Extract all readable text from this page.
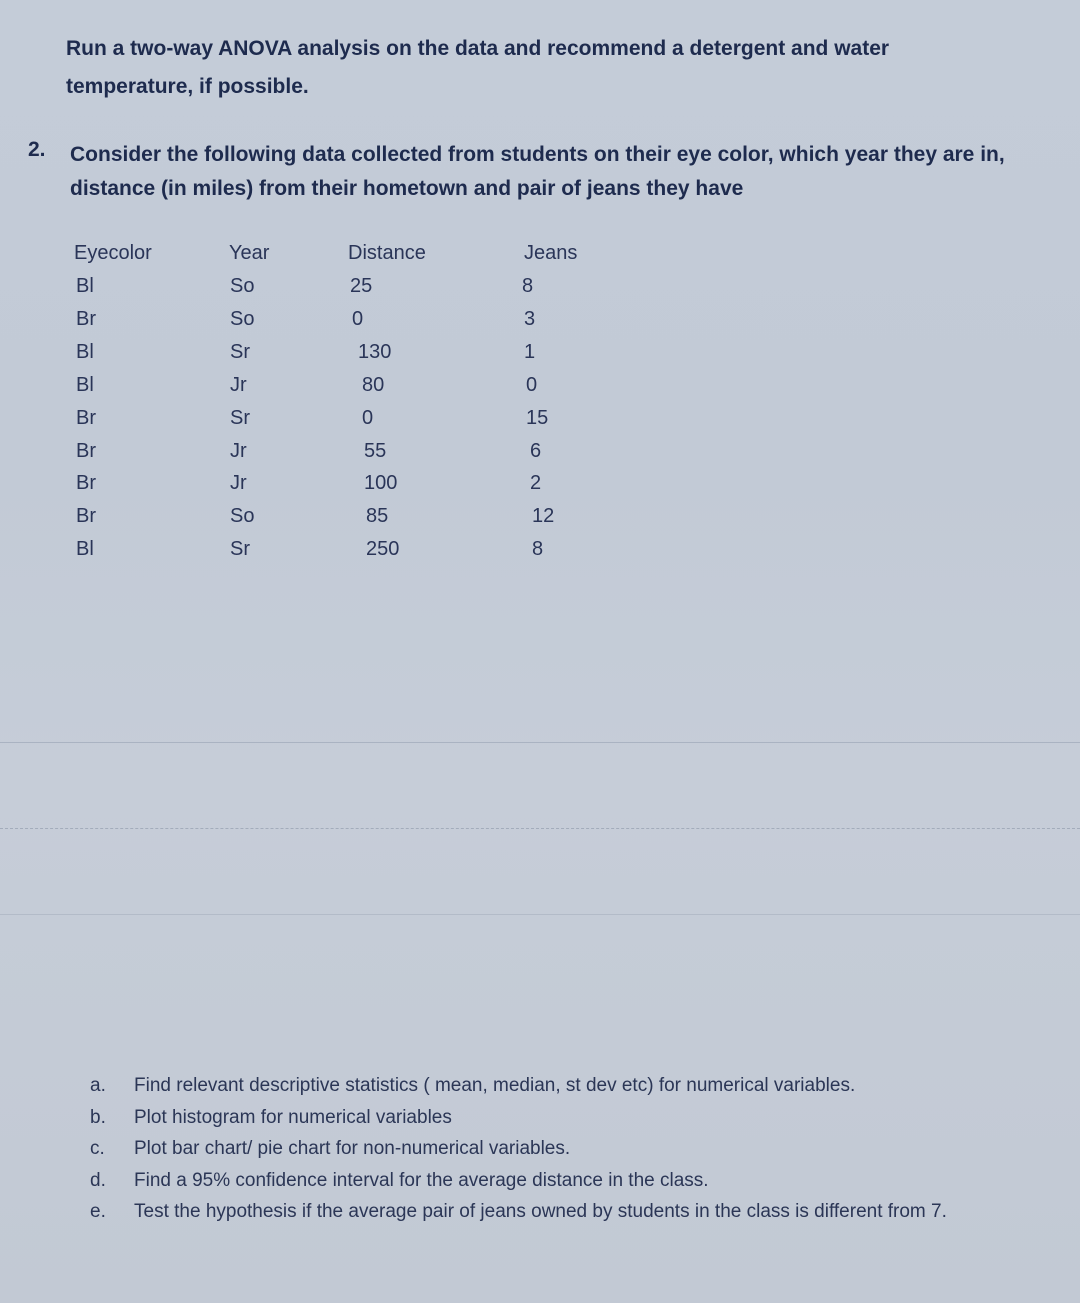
Run a two-way ANOVA analysis on the data and recommend a detergent and water
temperature, if possible.
2. Consider the following data collected from students on their eye color, which year they are in,
distance (in miles) from their hometown and pair of jeans they have
Eyecolor	Year	Distance	Jeans
Bl	So	25	8
Br	So	0	3
Bl	Sr	130	1
Bl	Jr	80	0
Br	Sr	0	15
Br	Jr	55	6
Br	Jr	100	2
Br	So	85	12
Bl	Sr	250	8
a.	Find relevant descriptive statistics ( mean, median, st dev etc) for numerical variables.
b.	Plot histogram for numerical variables
c.	Plot bar chart/ pie chart for non-numerical variables.
d.	Find a 95% confidence interval for the average distance in the class.
e.	Test the hypothesis if the average pair of jeans owned by students in the class is different from 7.
